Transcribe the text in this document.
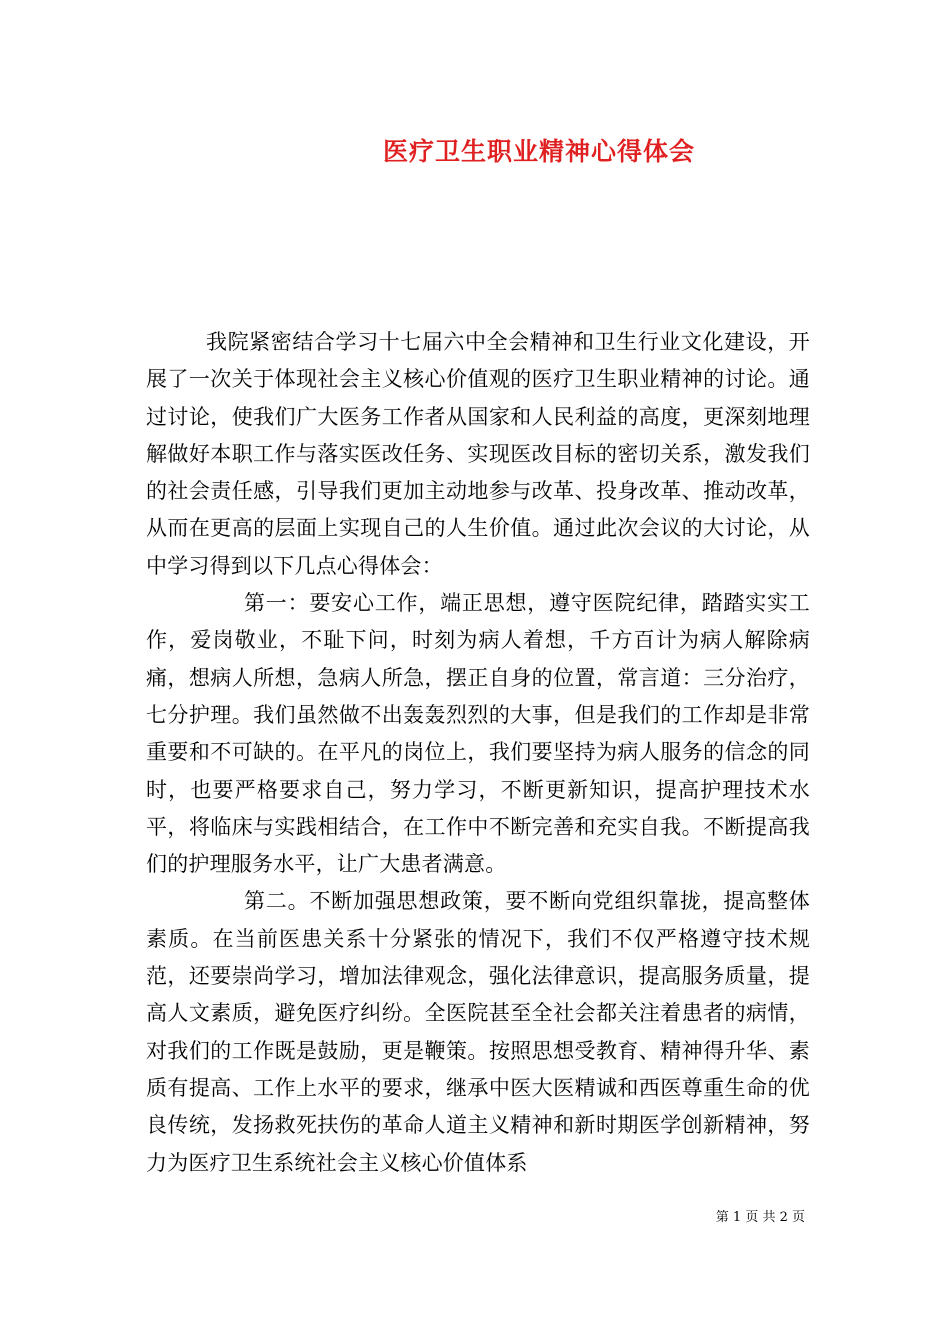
医疗卫生职业精神心得体会

我院紧密结合学习十七届六中全会精神和卫生行业文化建设，开展了一次关于体现社会主义核心价值观的医疗卫生职业精神的讨论。通过讨论，使我们广大医务工作者从国家和人民利益的高度，更深刻地理解做好本职工作与落实医改任务、实现医改目标的密切关系，激发我们的社会责任感，引导我们更加主动地参与改革、投身改革、推动改革，从而在更高的层面上实现自己的人生价值。通过此次会议的大讨论，从中学习得到以下几点心得体会：

第一：要安心工作，端正思想，遵守医院纪律，踏踏实实工作，爱岗敬业，不耻下问，时刻为病人着想，千方百计为病人解除病痛，想病人所想，急病人所急，摆正自身的位置，常言道：三分治疗，七分护理。我们虽然做不出轰轰烈烈的大事，但是我们的工作却是非常重要和不可缺的。在平凡的岗位上，我们要坚持为病人服务的信念的同时，也要严格要求自己，努力学习，不断更新知识，提高护理技术水平，将临床与实践相结合，在工作中不断完善和充实自我。不断提高我们的护理服务水平，让广大患者满意。

第二。不断加强思想政策，要不断向党组织靠拢，提高整体素质。在当前医患关系十分紧张的情况下，我们不仅严格遵守技术规范，还要崇尚学习，增加法律观念，强化法律意识，提高服务质量，提高人文素质，避免医疗纠纷。全医院甚至全社会都关注着患者的病情，对我们的工作既是鼓励，更是鞭策。按照思想受教育、精神得升华、素质有提高、工作上水平的要求，继承中医大医精诚和西医尊重生命的优良传统，发扬救死扶伤的革命人道主义精神和新时期医学创新精神，努力为医疗卫生系统社会主义核心价值体系

第 1 页 共 2 页
